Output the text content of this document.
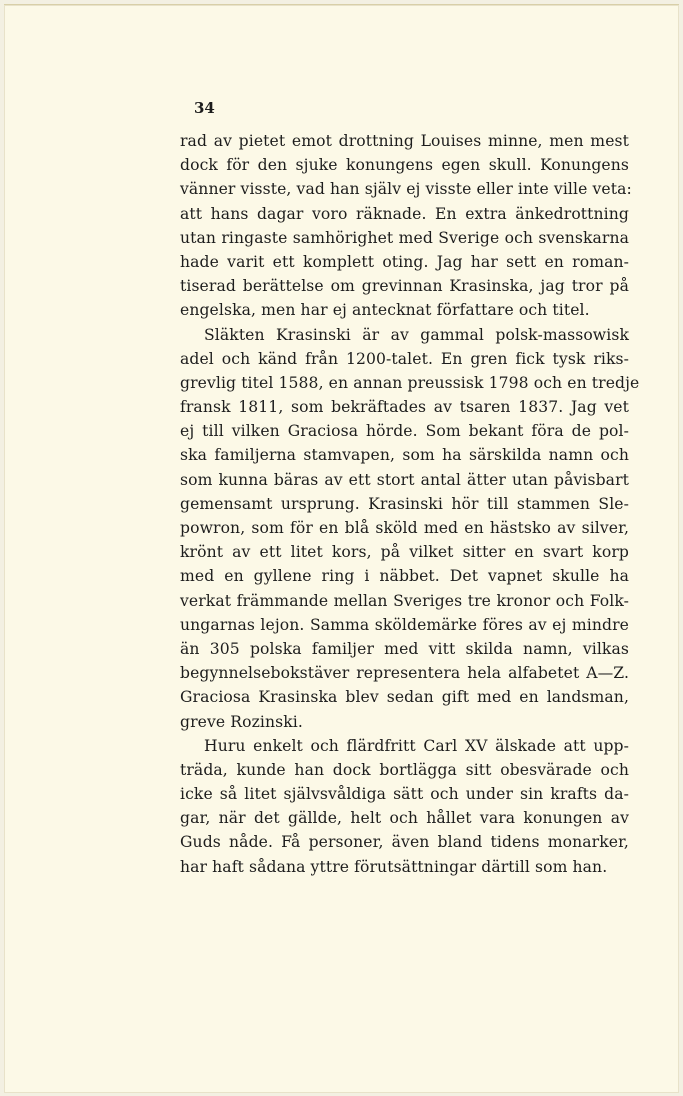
34
rad av pietet emot drottning Louises minne, men mest
dock för den sjuke konungens egen skull. Konungens
vänner visste, vad han själv ej visste eller inte ville veta:
att hans dagar voro räknade. En extra änkedrottning
utan ringaste samhörighet med Sverige och svenskarna
hade varit ett komplett oting. Jag har sett en roman-
tiserad berättelse om grevinnan Krasinska, jag tror på
engelska, men har ej antecknat författare och titel.
Släkten Krasinski är av gammal polsk-massowisk
adel och känd från 1200-talet. En gren fick tysk riks-
grevlig titel 1588, en annan preussisk 1798 och en tredje
fransk 1811, som bekräftades av tsaren 1837. Jag vet
ej till vilken Graciosa hörde. Som bekant föra de pol-
ska familjerna stamvapen, som ha särskilda namn och
som kunna bäras av ett stort antal ätter utan påvisbart
gemensamt ursprung. Krasinski hör till stammen Sle-
powron, som för en blå sköld med en hästsko av silver,
krönt av ett litet kors, på vilket sitter en svart korp
med en gyllene ring i näbbet. Det vapnet skulle ha
verkat främmande mellan Sveriges tre kronor och Folk-
ungarnas lejon. Samma sköldemärke föres av ej mindre
än 305 polska familjer med vitt skilda namn, vilkas
begynnelsebokstäver representera hela alfabetet A—Z.
Graciosa Krasinska blev sedan gift med en landsman,
greve Rozinski.
Huru enkelt och flärdfritt Carl XV älskade att upp-
träda, kunde han dock bortlägga sitt obesvärade och
icke så litet självsvåldiga sätt och under sin krafts da-
gar, när det gällde, helt och hållet vara konungen av
Guds nåde. Få personer, även bland tidens monarker,
har haft sådana yttre förutsättningar därtill som han.
